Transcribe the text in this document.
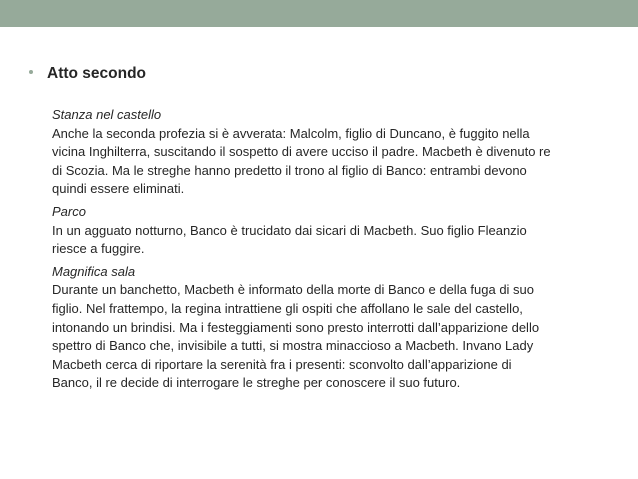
Atto secondo

Stanza nel castello

Anche la seconda profezia si è avverata: Malcolm, figlio di Duncano, è fuggito nella

vicina Inghilterra, suscitando il sospetto di avere ucciso il padre. Macbeth è divenuto re

di Scozia. Ma le streghe hanno predetto il trono al figlio di Banco: entrambi devono

quindi essere eliminati.

Parco

In un agguato notturno, Banco è trucidato dai sicari di Macbeth. Suo figlio Fleanzio

riesce a fuggire.

Magnifica sala

Durante un banchetto, Macbeth è informato della morte di Banco e della fuga di suo

figlio. Nel frattempo, la regina intrattiene gli ospiti che affollano le sale del castello,

intonando un brindisi. Ma i festeggiamenti sono presto interrotti dall’apparizione dello

spettro di Banco che, invisibile a tutti, si mostra minaccioso a Macbeth. Invano Lady

Macbeth cerca di riportare la serenità fra i presenti: sconvolto dall’apparizione di

Banco, il re decide di interrogare le streghe per conoscere il suo futuro.
